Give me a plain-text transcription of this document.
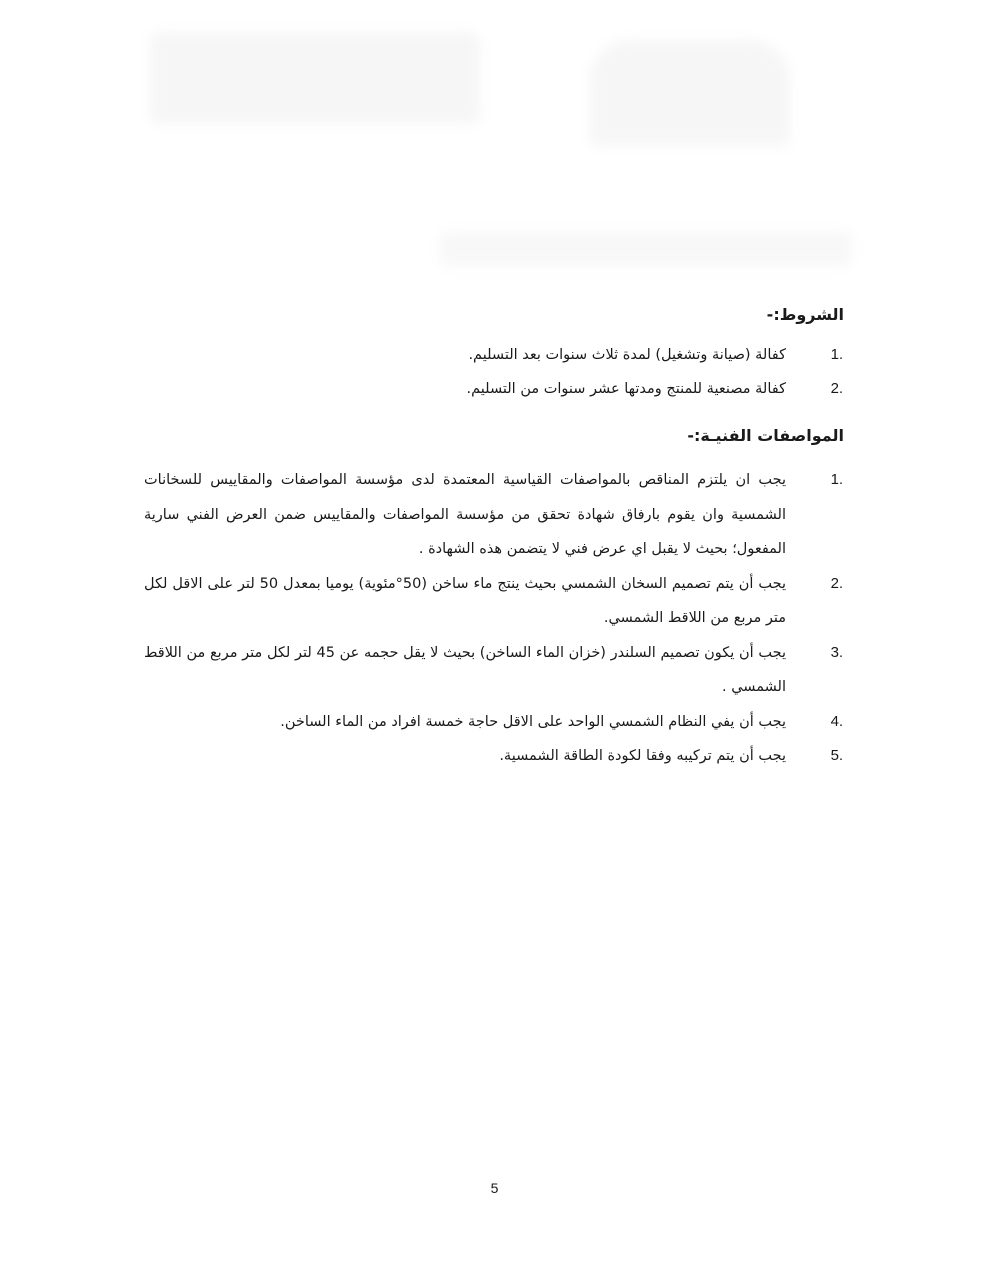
الشروط:-
1.
كفالة (صيانة وتشغيل) لمدة ثلاث سنوات بعد التسليم.
2.
كفالة مصنعية للمنتج ومدتها عشر سنوات من التسليم.
المواصفات الفنيـة:-
1.
يجب ان يلتزم المناقص بالمواصفات القياسية المعتمدة لدى مؤسسة المواصفات والمقاييس للسخانات الشمسية وان يقوم بارفاق شهادة تحقق من مؤسسة المواصفات والمقاييس ضمن العرض الفني سارية المفعول؛ بحيث لا يقبل اي عرض فني لا يتضمن هذه الشهادة .
2.
يجب أن يتم تصميم السخان الشمسي بحيث ينتج ماء ساخن (50°مئوية) يوميا بمعدل 50 لتر على الاقل لكل متر مربع من اللاقط الشمسي.
3.
يجب أن يكون تصميم السلندر (خزان الماء الساخن) بحيث لا يقل حجمه عن 45 لتر لكل متر مربع من اللاقط الشمسي .
4.
يجب أن يفي النظام الشمسي الواحد على الاقل حاجة خمسة افراد من الماء الساخن.
5.
يجب أن يتم تركيبه وفقا لكودة الطاقة الشمسية.
5
